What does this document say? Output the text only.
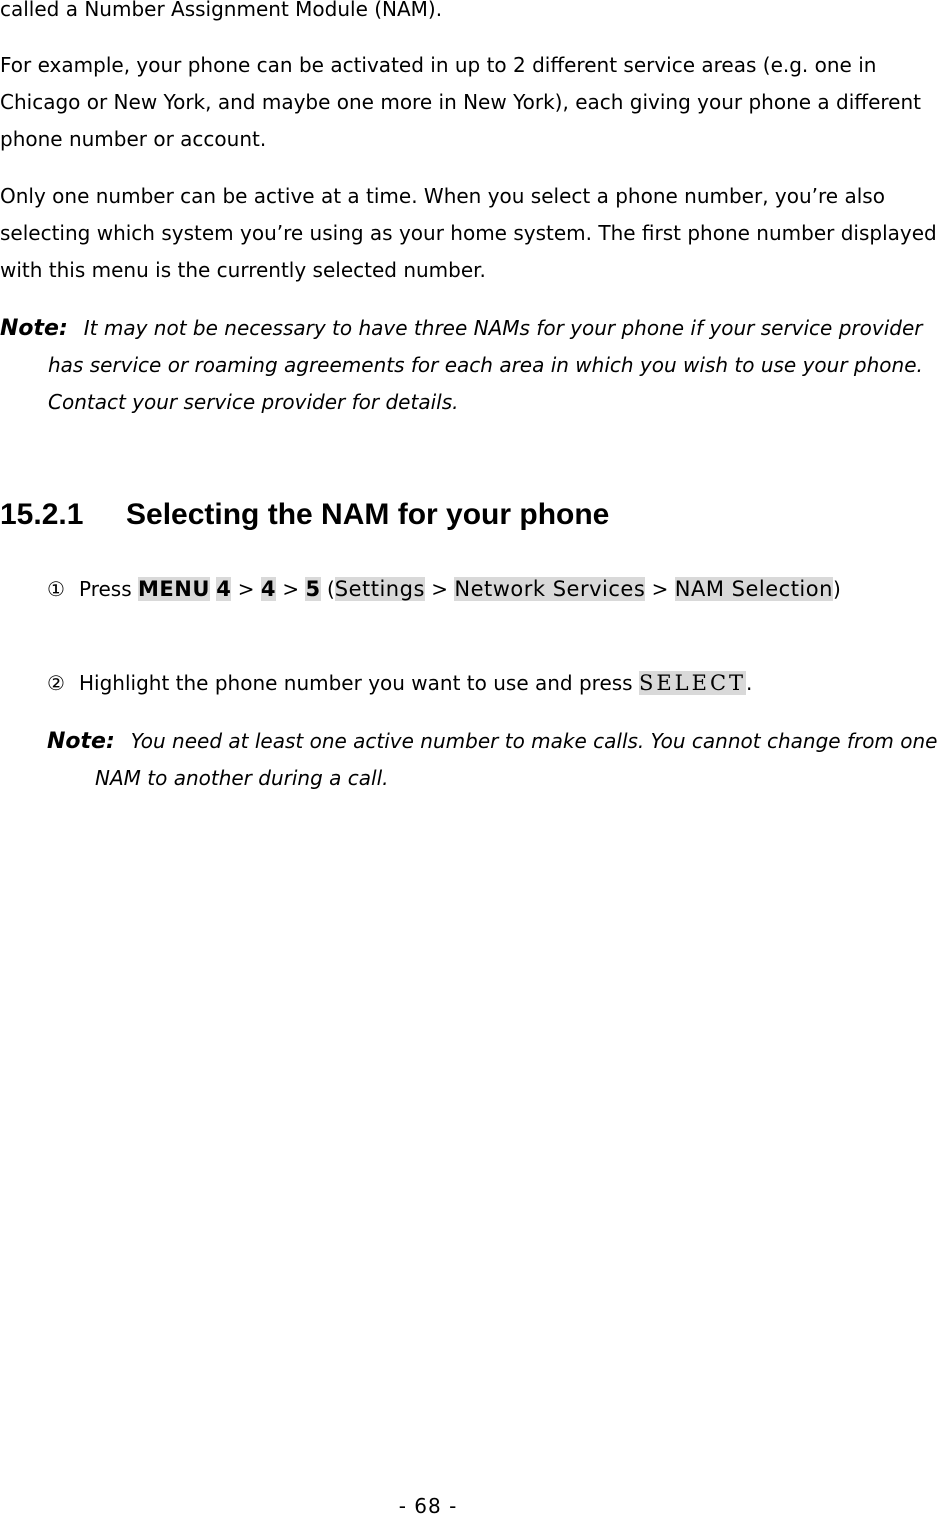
called a Number Assignment Module (NAM).

For example, your phone can be activated in up to 2 different service areas (e.g. one in Chicago or New York, and maybe one more in New York), each giving your phone a different phone number or account.

Only one number can be active at a time. When you select a phone number, you’re also selecting which system you’re using as your home system. The first phone number displayed with this menu is the currently selected number.

Note: It may not be necessary to have three NAMs for your phone if your service provider has service or roaming agreements for each area in which you wish to use your phone. Contact your service provider for details.
15.2.1 Selecting the NAM for your phone
① Press MENU 4 > 4 > 5 (Settings > Network Services > NAM Selection)
② Highlight the phone number you want to use and press SELECT.
Note: You need at least one active number to make calls. You cannot change from one NAM to another during a call.
- 68 -
